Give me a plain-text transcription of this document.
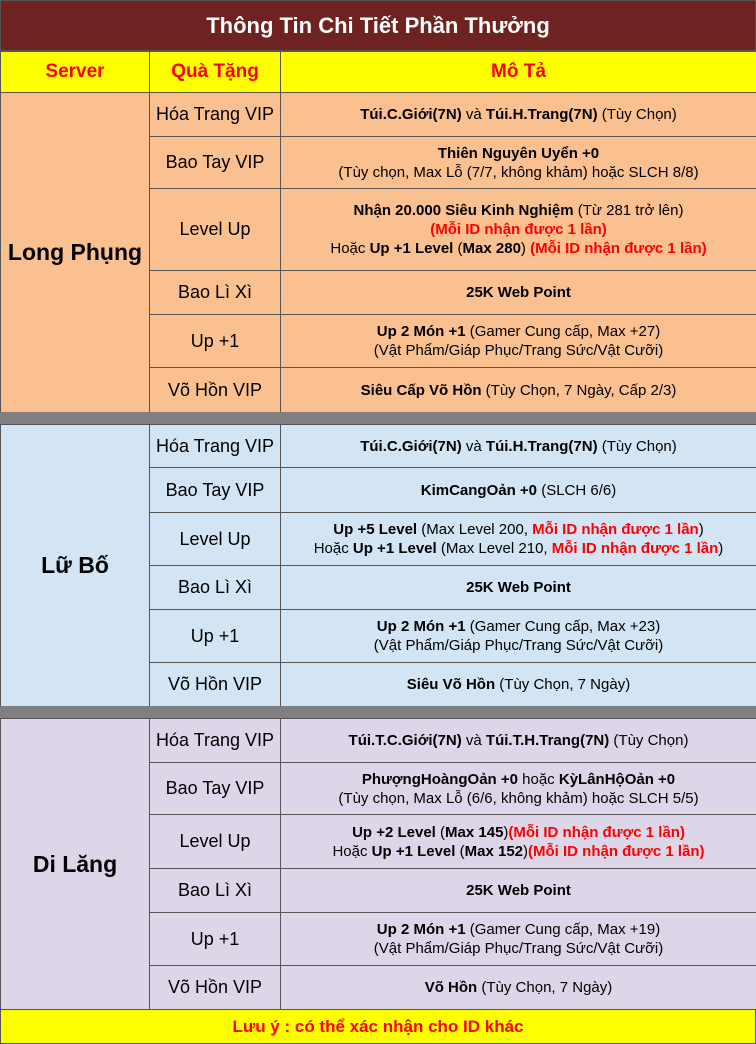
Thông Tin Chi Tiết Phần Thưởng
Server	Quà Tặng	Mô Tả
Long Phụng	Hóa Trang VIP	Túi.C.Giới(7N) và Túi.H.Trang(7N) (Tùy Chọn)

	Bao Tay VIP	Thiên Nguyên Uyển +0
(Tùy chọn, Max Lỗ (7/7, không khảm) hoặc SLCH 8/8)

	Level Up	Nhận 20.000 Siêu Kinh Nghiệm (Từ 281 trở lên)
(Mỗi ID nhận được 1 lần)
Hoặc Up +1 Level (Max 280) (Mỗi ID nhận được 1 lần)

	Bao Lì Xì	25K Web Point

	Up +1	Up 2 Món +1 (Gamer Cung cấp, Max +27)
(Vật Phẩm/Giáp Phục/Trang Sức/Vật Cưỡi)

	Võ Hồn VIP	Siêu Cấp Võ Hồn (Tùy Chọn, 7 Ngày, Cấp 2/3)
Lữ Bố	Hóa Trang VIP	Túi.C.Giới(7N) và Túi.H.Trang(7N) (Tùy Chọn)

	Bao Tay VIP	KimCangOản +0 (SLCH 6/6)

	Level Up	Up +5 Level (Max Level 200, Mỗi ID nhận được 1 lần)
Hoặc Up +1 Level (Max Level 210, Mỗi ID nhận được 1 lần)

	Bao Lì Xì	25K Web Point

	Up +1	Up 2 Món +1 (Gamer Cung cấp, Max +23)
(Vật Phẩm/Giáp Phục/Trang Sức/Vật Cưỡi)

	Võ Hồn VIP	Siêu Võ Hồn (Tùy Chọn, 7 Ngày)
Di Lăng	Hóa Trang VIP	Túi.T.C.Giới(7N) và Túi.T.H.Trang(7N) (Tùy Chọn)

	Bao Tay VIP	PhượngHoàngOản +0 hoặc KỳLânHộOản +0
(Tùy chọn, Max Lỗ (6/6, không khảm) hoặc SLCH 5/5)

	Level Up	Up +2 Level (Max 145)(Mỗi ID nhận được 1 lần)
Hoặc Up +1 Level (Max 152)(Mỗi ID nhận được 1 lần)

	Bao Lì Xì	25K Web Point

	Up +1	Up 2 Món +1 (Gamer Cung cấp, Max +19)
(Vật Phẩm/Giáp Phục/Trang Sức/Vật Cưỡi)

	Võ Hồn VIP	Võ Hồn (Tùy Chọn, 7 Ngày)
Lưu ý : có thể xác nhận cho ID khác
